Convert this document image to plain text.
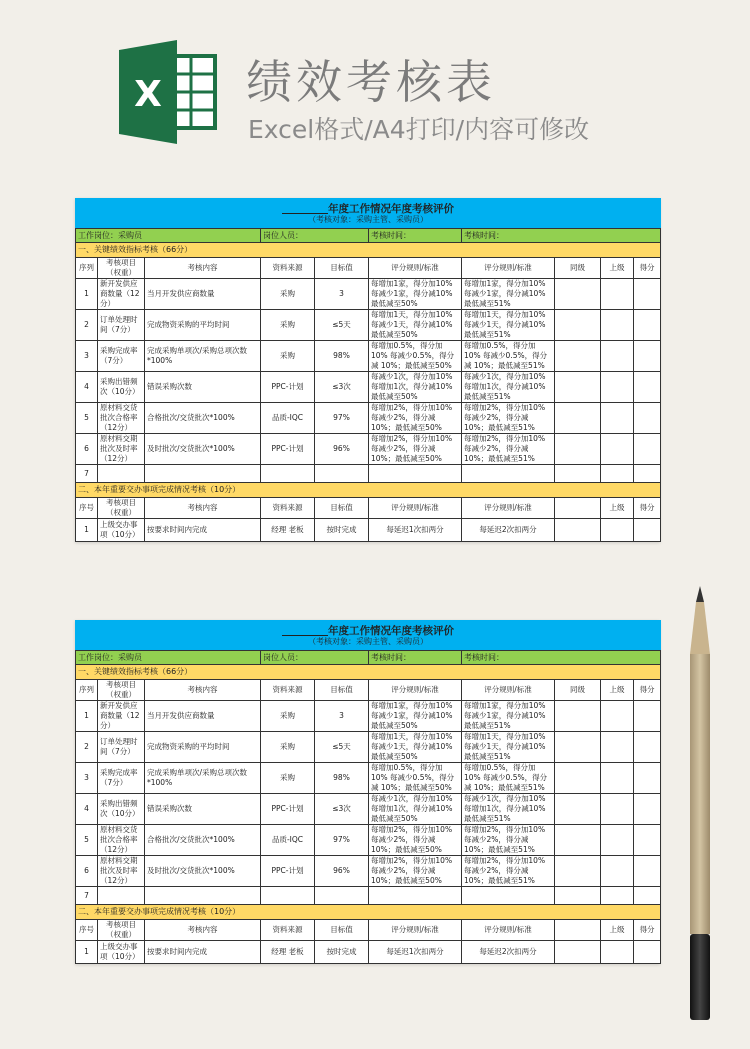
X 绩效考核表
Excel格式/A4打印/内容可修改
年度工作情况年度考核评价									
（考核对象：采购主管、采购员）									
工作岗位：采购员			岗位人员：		考核时间：	考核时间：			
一、关键绩效指标考核（66分）									
序列	考核项目（权重）	考核内容	资料来源	目标值	评分规则/标准	评分规则/标准	同级	上级	得分
1	新开发供应商数量（12分）	当月开发供应商数量	采购	3	每增加1家，得分加10% 每减少1家，得分减10% 最低减至50%	每增加1家，得分加10% 每减少1家，得分减10% 最低减至51%			
2	订单处理时间（7分）	完成物资采购的平均时间	采购	≤5天	每增加1天，得分加10% 每减少1天，得分减10% 最低减至50%	每增加1天，得分加10% 每减少1天，得分减10% 最低减至51%			
3	采购完成率（7分）	完成采购单项次/采购总项次数*100%	采购	98%	每增加0.5%，得分加10% 每减少0.5%，得分减 10%；最低减至50%	每增加0.5%，得分加10% 每减少0.5%，得分减 10%；最低减至51%			
4	采购出错频次（10分）	错误采购次数	PPC-计划	≤3次	每减少1次，得分加10% 每增加1次，得分减10% 最低减至50%	每减少1次，得分加10% 每增加1次，得分减10% 最低减至51%			
5	原材料交货批次合格率（12分）	合格批次/交货批次*100%	品质-IQC	97%	每增加2%，得分加10% 每减少2%，得分减10%；最低减至50%	每增加2%，得分加10% 每减少2%，得分减10%；最低减至51%			
6	原材料交期批次及时率（12分）	及时批次/交货批次*100%	PPC-计划	96%	每增加2%，得分加10% 每减少2%，得分减10%；最低减至50%	每增加2%，得分加10% 每减少2%，得分减10%；最低减至51%			
7									
二、本年重要交办事项完成情况考核（10分）									
序号	考核项目（权重）	考核内容	资料来源	目标值	评分规则/标准	评分规则/标准		上级	得分
1	上级交办事项（10分）	按要求时间内完成	经理 老板	按时完成	每延迟1次扣两分	每延迟2次扣两分			
年度工作情况年度考核评价									
（考核对象：采购主管、采购员）									
工作岗位：采购员			岗位人员：		考核时间：	考核时间：			
一、关键绩效指标考核（66分）									
序列	考核项目（权重）	考核内容	资料来源	目标值	评分规则/标准	评分规则/标准	同级	上级	得分
1	新开发供应商数量（12分）	当月开发供应商数量	采购	3	每增加1家，得分加10% 每减少1家，得分减10% 最低减至50%	每增加1家，得分加10% 每减少1家，得分减10% 最低减至51%			
2	订单处理时间（7分）	完成物资采购的平均时间	采购	≤5天	每增加1天，得分加10% 每减少1天，得分减10% 最低减至50%	每增加1天，得分加10% 每减少1天，得分减10% 最低减至51%			
3	采购完成率（7分）	完成采购单项次/采购总项次数*100%	采购	98%	每增加0.5%，得分加10% 每减少0.5%，得分减 10%；最低减至50%	每增加0.5%，得分加10% 每减少0.5%，得分减 10%；最低减至51%			
4	采购出错频次（10分）	错误采购次数	PPC-计划	≤3次	每减少1次，得分加10% 每增加1次，得分减10% 最低减至50%	每减少1次，得分加10% 每增加1次，得分减10% 最低减至51%			
5	原材料交货批次合格率（12分）	合格批次/交货批次*100%	品质-IQC	97%	每增加2%，得分加10% 每减少2%，得分减10%；最低减至50%	每增加2%，得分加10% 每减少2%，得分减10%；最低减至51%			
6	原材料交期批次及时率（12分）	及时批次/交货批次*100%	PPC-计划	96%	每增加2%，得分加10% 每减少2%，得分减10%；最低减至50%	每增加2%，得分加10% 每减少2%，得分减10%；最低减至51%			
7									
二、本年重要交办事项完成情况考核（10分）									
序号	考核项目（权重）	考核内容	资料来源	目标值	评分规则/标准	评分规则/标准		上级	得分
1	上级交办事项（10分）	按要求时间内完成	经理 老板	按时完成	每延迟1次扣两分	每延迟2次扣两分			
